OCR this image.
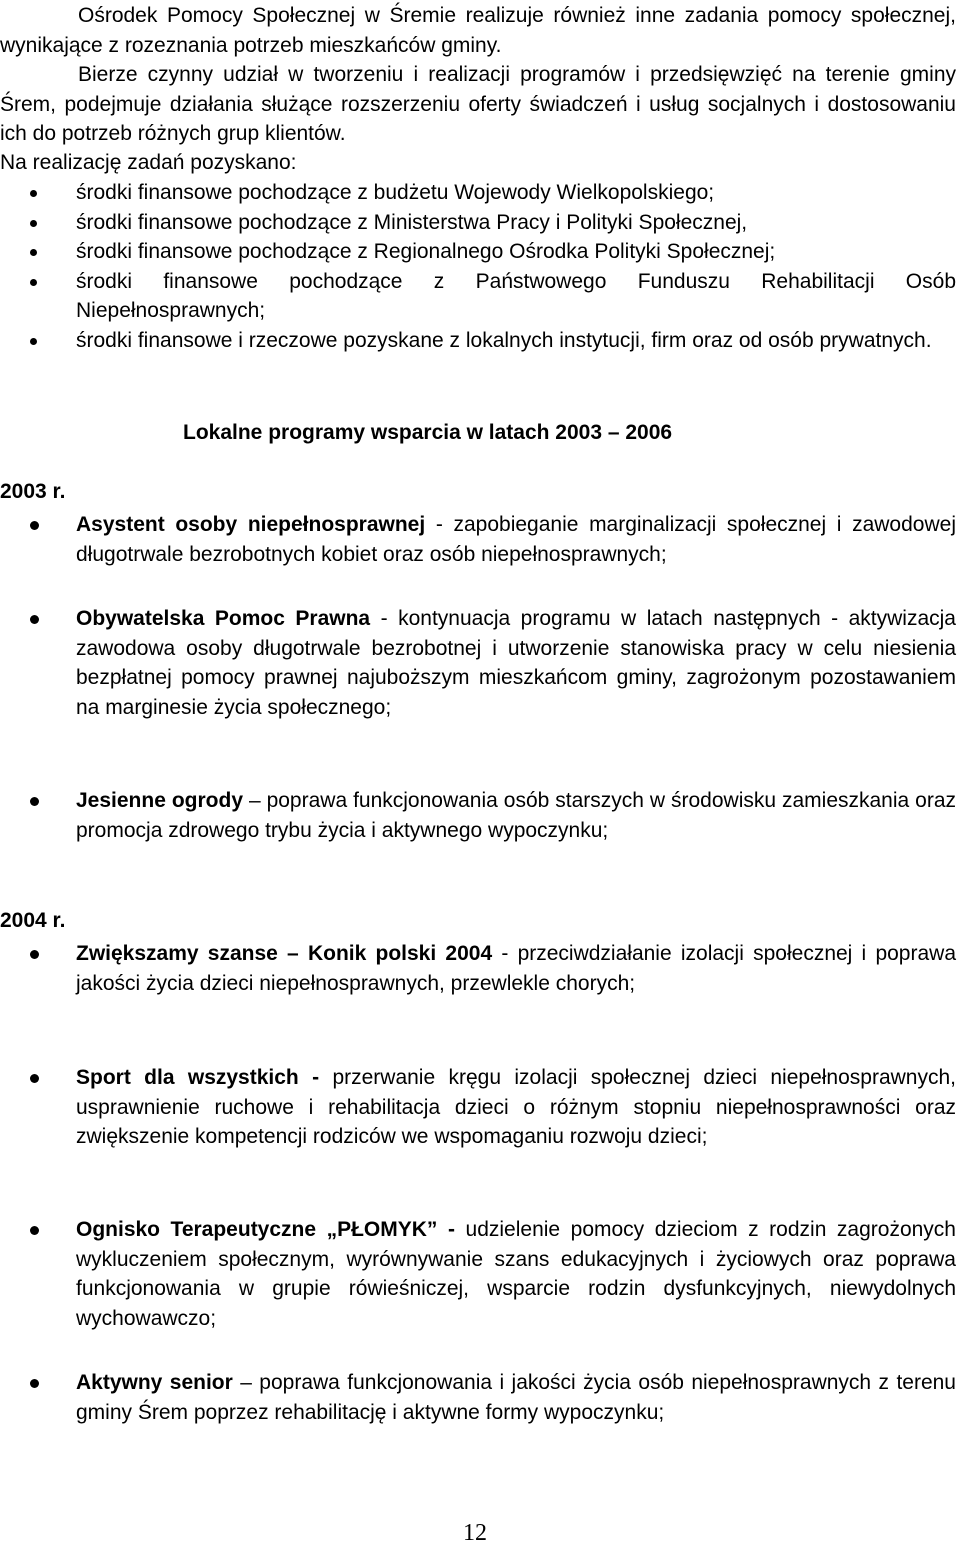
Ośrodek Pomocy Społecznej w Śremie realizuje również inne zadania pomocy społecznej, wynikające z rozeznania potrzeb mieszkańców gminy.

Bierze czynny udział w tworzeniu i realizacji programów i przedsięwzięć na terenie gminy Śrem, podejmuje działania służące rozszerzeniu oferty świadczeń i usług socjalnych i dostosowaniu ich do potrzeb różnych grup klientów.

Na realizację zadań pozyskano:

środki finansowe pochodzące z budżetu Wojewody Wielkopolskiego;
środki finansowe pochodzące z Ministerstwa Pracy i Polityki Społecznej,
środki finansowe pochodzące z Regionalnego Ośrodka Polityki Społecznej;
środki finansowe pochodzące z Państwowego Funduszu Rehabilitacji Osób Niepełnosprawnych;
środki finansowe i rzeczowe pozyskane z lokalnych instytucji, firm oraz od osób prywatnych.
Lokalne programy wsparcia w latach 2003 – 2006
2003 r.
Asystent osoby niepełnosprawnej - zapobieganie marginalizacji społecznej i zawodowej długotrwale bezrobotnych kobiet oraz osób niepełnosprawnych;
Obywatelska Pomoc Prawna - kontynuacja programu w latach następnych - aktywizacja zawodowa osoby długotrwale bezrobotnej i utworzenie stanowiska pracy w celu niesienia bezpłatnej pomocy prawnej najuboższym mieszkańcom gminy, zagrożonym pozostawaniem na marginesie życia społecznego;
Jesienne ogrody – poprawa funkcjonowania osób starszych w środowisku zamieszkania oraz promocja zdrowego trybu życia i aktywnego wypoczynku;
2004 r.
Zwiększamy szanse – Konik polski 2004 - przeciwdziałanie izolacji społecznej i poprawa jakości życia dzieci niepełnosprawnych, przewlekle chorych;
Sport dla wszystkich - przerwanie kręgu izolacji społecznej dzieci niepełnosprawnych, usprawnienie ruchowe i rehabilitacja dzieci o różnym stopniu niepełnosprawności oraz zwiększenie kompetencji rodziców we wspomaganiu rozwoju dzieci;
Ognisko Terapeutyczne „PŁOMYK” - udzielenie pomocy dzieciom z rodzin zagrożonych wykluczeniem społecznym, wyrównywanie szans edukacyjnych i życiowych oraz poprawa funkcjonowania w grupie rówieśniczej, wsparcie rodzin dysfunkcyjnych, niewydolnych wychowawczo;
Aktywny senior – poprawa funkcjonowania i jakości życia osób niepełnosprawnych z terenu gminy Śrem poprzez rehabilitację i aktywne formy wypoczynku;
12
